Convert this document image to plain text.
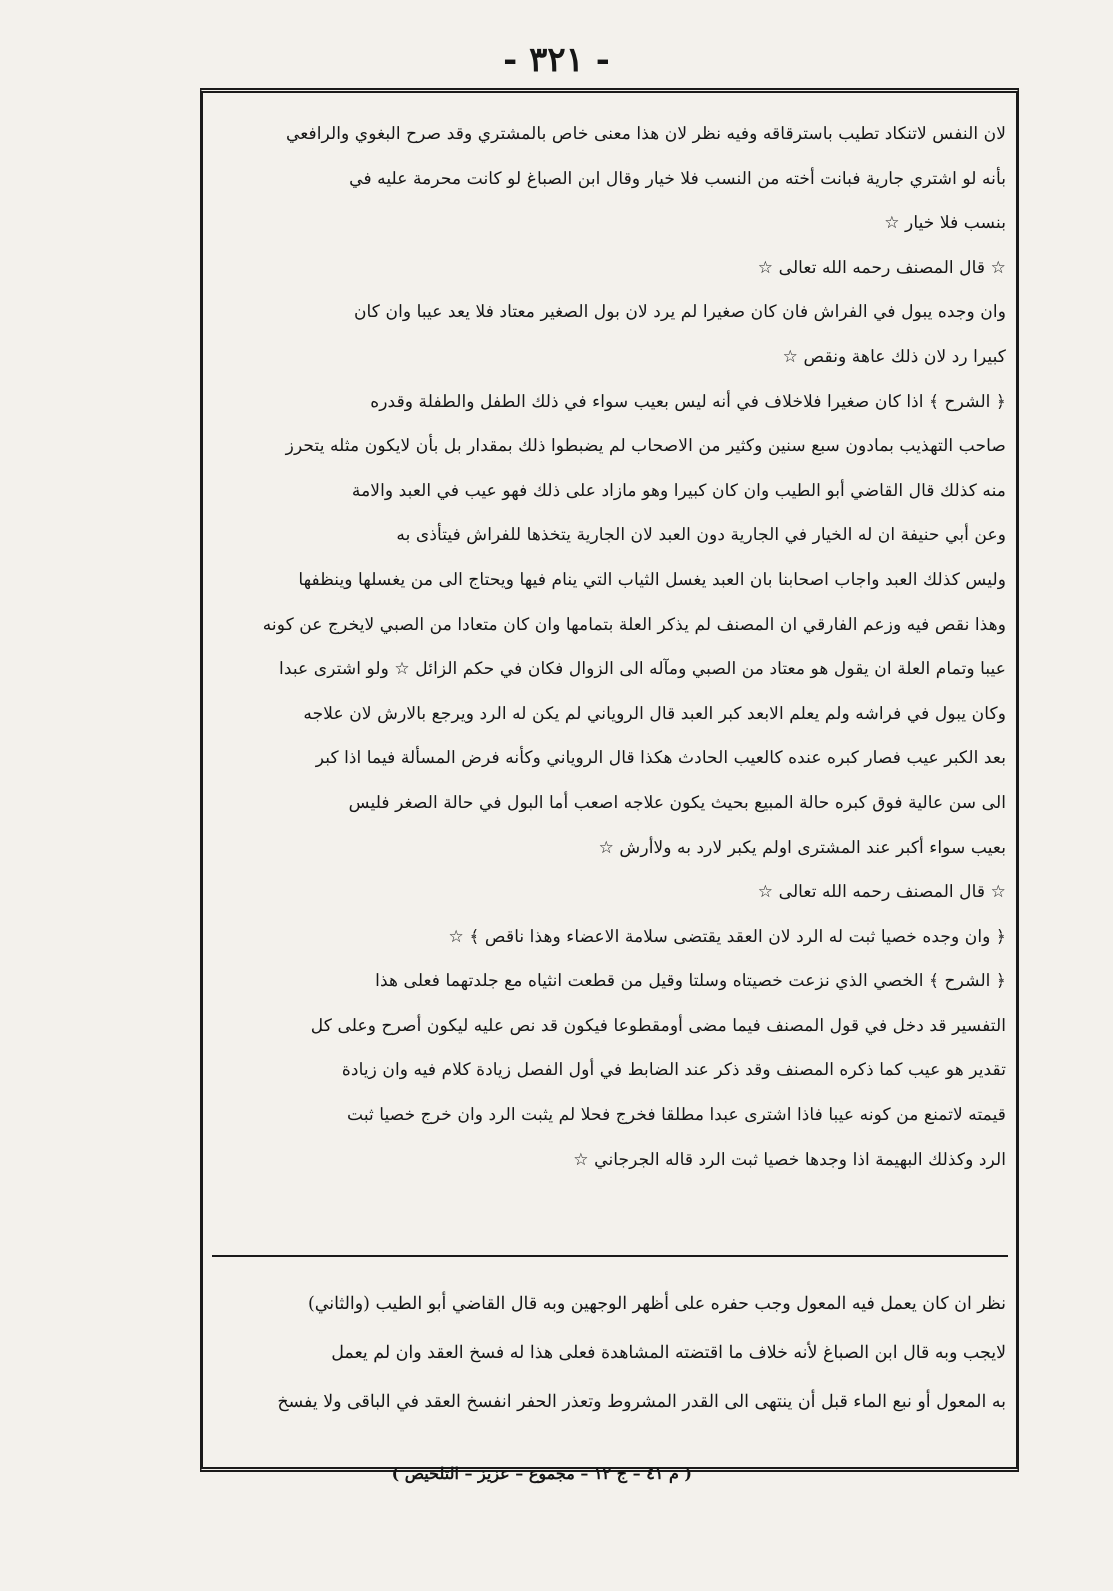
- ٣٢١ -

لان النفس لاتنكاد تطيب باسترقاقه وفيه نظر لان هذا معنى خاص بالمشتري وقد صرح البغوي والرافعي

بأنه لو اشتري جارية فبانت أخته من النسب فلا خيار وقال ابن الصباغ لو كانت محرمة عليه في

بنسب فلا خيار ☆

☆ قال المصنف رحمه الله تعالى ☆

وان وجده يبول في الفراش فان كان صغيرا لم يرد لان بول الصغير معتاد فلا يعد عيبا وان كان

كبيرا رد لان ذلك عاهة ونقص ☆

﴿ الشرح ﴾ اذا كان صغيرا فلاخلاف في أنه ليس بعيب سواء في ذلك الطفل والطفلة وقدره

صاحب التهذيب بمادون سبع سنين وكثير من الاصحاب لم يضبطوا ذلك بمقدار بل بأن لايكون مثله يتحرز

منه كذلك قال القاضي أبو الطيب وان كان كبيرا وهو مازاد على ذلك فهو عيب في العبد والامة

وعن أبي حنيفة ان له الخيار في الجارية دون العبد لان الجارية يتخذها للفراش فيتأذى به

وليس كذلك العبد واجاب اصحابنا بان العبد يغسل الثياب التي ينام فيها ويحتاج الى من يغسلها وينظفها

وهذا نقص فيه وزعم الفارقي ان المصنف لم يذكر العلة بتمامها وان كان متعادا من الصبي لايخرج عن كونه

عيبا وتمام العلة ان يقول هو معتاد من الصبي ومآله الى الزوال فكان في حكم الزائل ☆ ولو اشترى عبدا

وكان يبول في فراشه ولم يعلم الابعد كبر العبد قال الروياني لم يكن له الرد ويرجع بالارش لان علاجه

بعد الكبر عيب فصار كبره عنده كالعيب الحادث هكذا قال الروياني وكأنه فرض المسألة فيما اذا كبر

الى سن عالية فوق كبره حالة المبيع بحيث يكون علاجه اصعب أما البول في حالة الصغر فليس

بعيب سواء أكبر عند المشترى اولم يكبر لارد به ولاأرش ☆

☆ قال المصنف رحمه الله تعالى ☆

﴿ وان وجده خصيا ثبت له الرد لان العقد يقتضى سلامة الاعضاء وهذا ناقص ﴾ ☆

﴿ الشرح ﴾ الخصي الذي نزعت خصيتاه وسلتا وقيل من قطعت انثياه مع جلدتهما فعلى هذا

التفسير قد دخل في قول المصنف فيما مضى أومقطوعا فيكون قد نص عليه ليكون أصرح وعلى كل

تقدير هو عيب كما ذكره المصنف وقد ذكر عند الضابط في أول الفصل زيادة كلام فيه وان زيادة

قيمته لاتمنع من كونه عيبا فاذا اشترى عبدا مطلقا فخرج فحلا لم يثبت الرد وان خرج خصيا ثبت

الرد وكذلك البهيمة اذا وجدها خصيا ثبت الرد قاله الجرجاني ☆

نظر ان كان يعمل فيه المعول وجب حفره على أظهر الوجهين وبه قال القاضي أبو الطيب (والثاني)

لايجب وبه قال ابن الصباغ لأنه خلاف ما اقتضته المشاهدة فعلى هذا له فسخ العقد وان لم يعمل

به المعول أو نبع الماء قبل أن ينتهى الى القدر المشروط وتعذر الحفر انفسخ العقد في الباقى ولا يفسخ

( م ٤١ – ج ١٢ – مجموع – عزيز – التلخيص )
